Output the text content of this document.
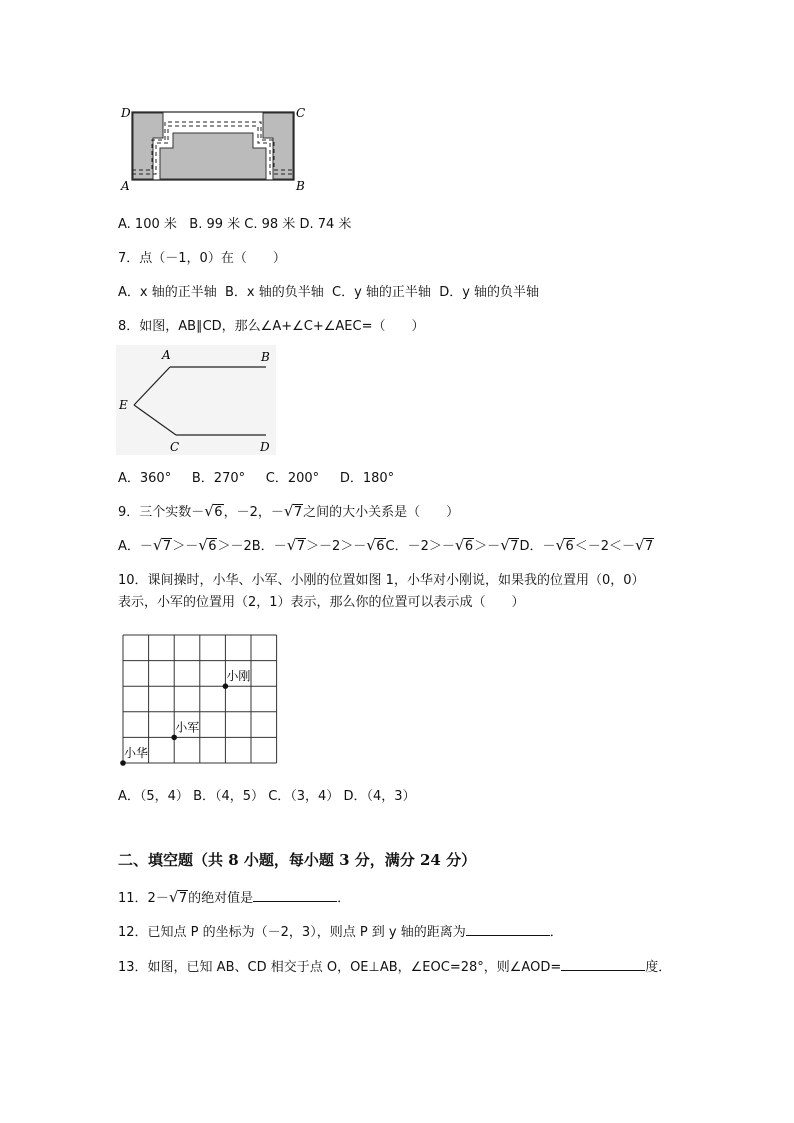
D	C
A	B
A. 100 米 B. 99 米 C. 98 米 D. 74 米
7．点（－1，0）在（　　）
A．x 轴的正半轴 B．x 轴的负半轴 C．y 轴的正半轴 D．y 轴的负半轴
8．如图，AB∥CD，那么∠A+∠C+∠AEC=（　　）
A	B
E
C	D
A．360° B．270° C．200° D．180°
9．三个实数－ √ 6，－2，－ √ 7之间的大小关系是（　　）
A．－ √ 7＞－ √ 6＞－2B．－ √ 7＞－2＞－ √ 6C．－2＞－ √ 6＞－ √ 7D．－ √ 6＜－2＜－ √ 7
10．课间操时，小华、小军、小刚的位置如图 1，小华对小刚说，如果我的位置用（0，0）
表示，小军的位置用（2，1）表示，那么你的位置可以表示成（　　）
小华
小军
小刚
A．（5，4） B．（4，5） C．（3，4） D．（4，3）
二、填空题（共 8 小题，每小题 3 分，满分 24 分）
11．2－ √ 7的绝对值是	．
12．已知点 P 的坐标为（－2，3），则点 P 到 y 轴的距离为	．
13．如图，已知 AB、CD 相交于点 O，OE⊥AB，∠EOC=28°，则∠AOD=	度．
